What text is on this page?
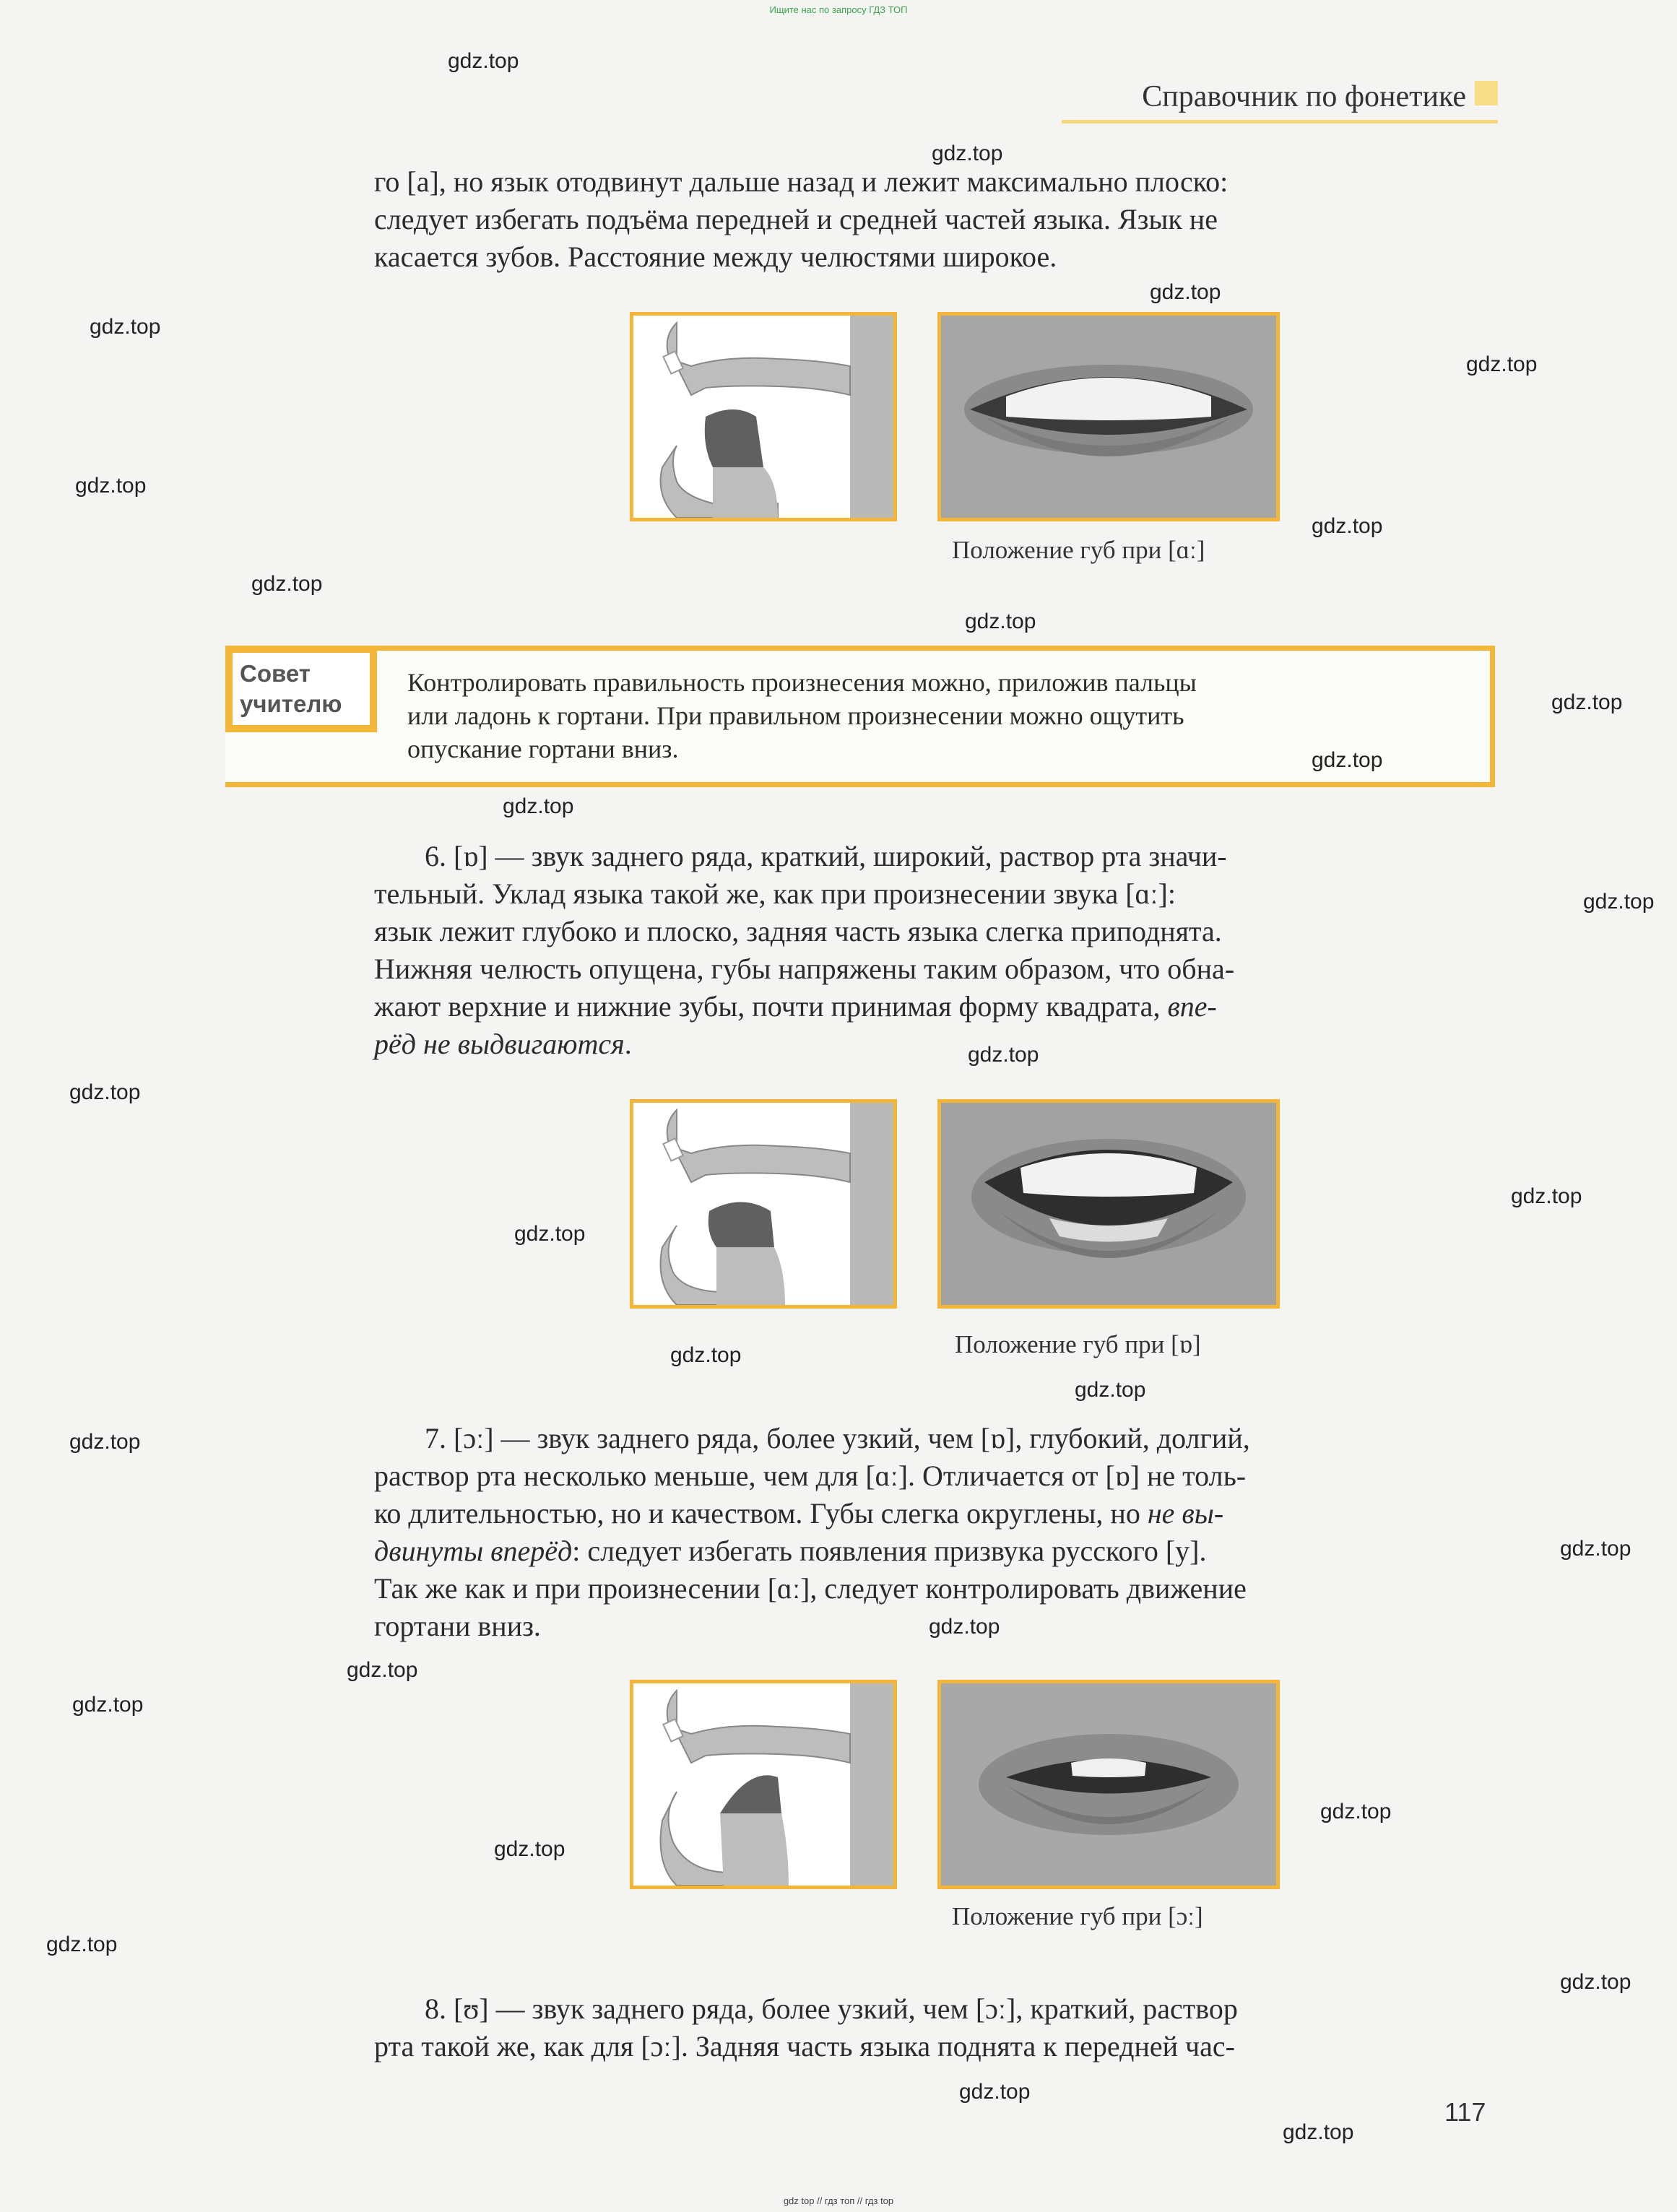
Ищите нас по запросу ГДЗ ТОП
gdz top // гдз топ // гдз top
Справочник по фонетике
го [a], но язык отодвинут дальше назад и лежит максимально плоско:
следует избегать подъёма передней и средней частей языка. Язык не
касается зубов. Расстояние между челюстями широкое.
Положение губ при [ɑː]
Совет
учителю
Контролировать правильность произнесения можно, приложив пальцы
или ладонь к гортани. При правильном произнесении можно ощутить
опускание гортани вниз.
6. [ɒ] — звук заднего ряда, краткий, широкий, раствор рта значи-
тельный. Уклад языка такой же, как при произнесении звука [ɑː]:
язык лежит глубоко и плоско, задняя часть языка слегка приподнята.
Нижняя челюсть опущена, губы напряжены таким образом, что обна-
жают верхние и нижние зубы, почти принимая форму квадрата, впе-
рёд не выдвигаются.
Положение губ при [ɒ]
7. [ɔː] — звук заднего ряда, более узкий, чем [ɒ], глубокий, долгий,
раствор рта несколько меньше, чем для [ɑː]. Отличается от [ɒ] не толь-
ко длительностью, но и качеством. Губы слегка округлены, но не вы-
двинуты вперёд: следует избегать появления призвука русского [у].
Так же как и при произнесении [ɑː], следует контролировать движение
гортани вниз.
Положение губ при [ɔː]
8. [ʊ] — звук заднего ряда, более узкий, чем [ɔː], краткий, раствор
рта такой же, как для [ɔː]. Задняя часть языка поднята к передней час-
117
gdz.top
gdz.top
gdz.top
gdz.top
gdz.top
gdz.top
gdz.top
gdz.top
gdz.top
gdz.top
gdz.top
gdz.top
gdz.top
gdz.top
gdz.top
gdz.top
gdz.top
gdz.top
gdz.top
gdz.top
gdz.top
gdz.top
gdz.top
gdz.top
gdz.top
gdz.top
gdz.top
gdz.top
gdz.top
gdz.top
